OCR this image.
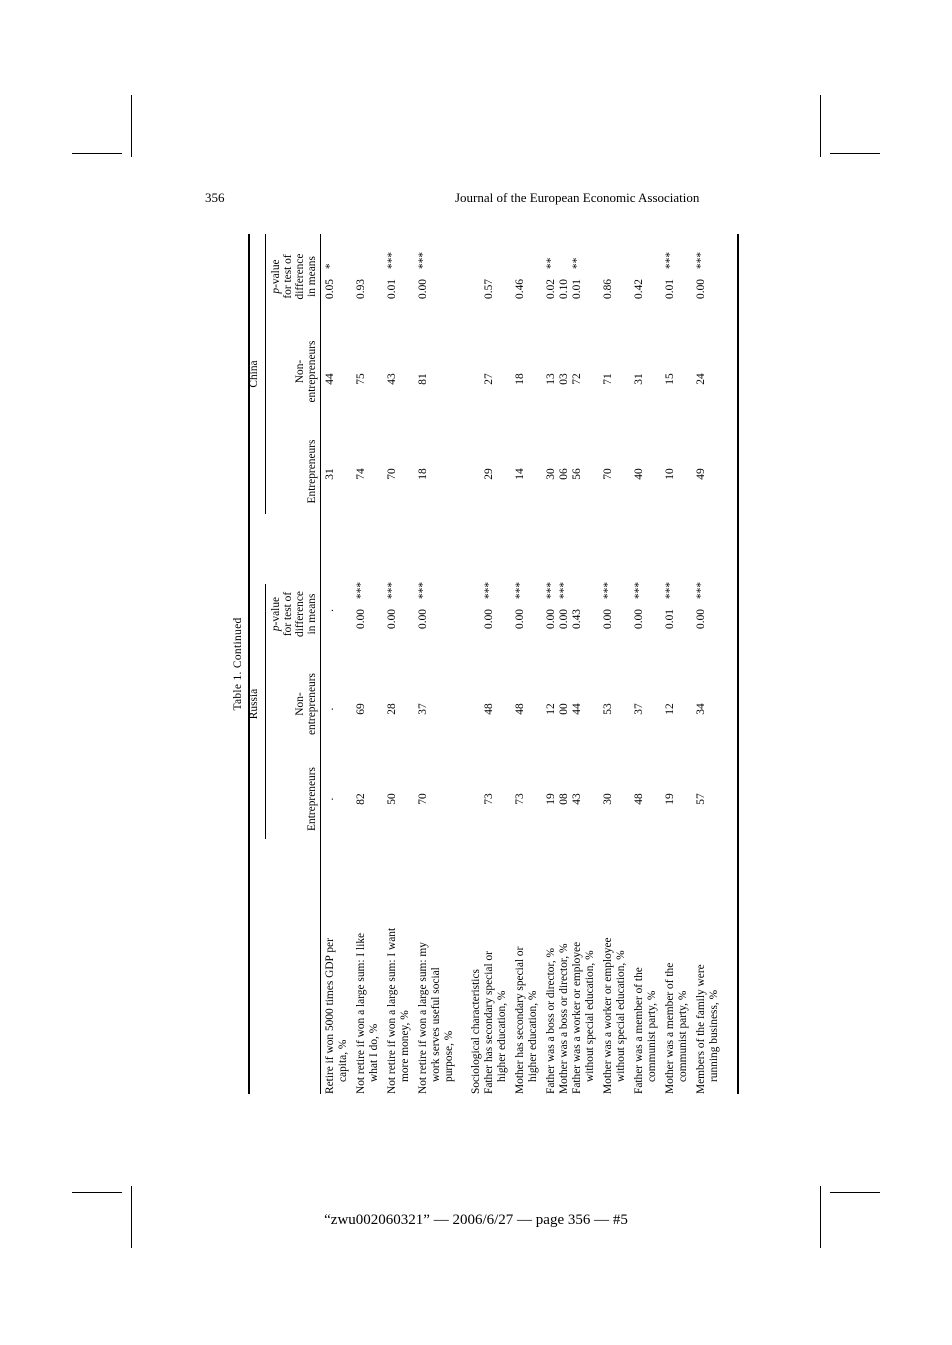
356	Journal of the European Economic Association
Table 1. Continued Russia
China
Entrepreneurs
Non- entrepreneurs
p-value for test of difference in means
Entrepreneurs
Non- entrepreneurs
p-value for test of difference in means
Sociological characteristics
Retire if won 5000 times GDP per capita, %
.
.
.
31
44
0.05
*
Not retire if won a large sum: I like what I do, %
82
69
0.00
***
74
75
0.93
Not retire if won a large sum: I want more money, %
50
28
0.00
***
70
43
0.01
***
Not retire if won a large sum: my work serves useful social purpose, %
70
37
0.00
***
18
81
0.00
***
Father has secondary special or higher education, %
73
48
0.00
***
29
27
0.57
Mother has secondary special or higher education, %
73
48
0.00
***
14
18
0.46
Father was a boss or director, %
19
12
0.00
***
30
13
0.02
**
Mother was a boss or director, %
08
00
0.00
***
06
03
0.10
Father was a worker or employee without special education, %
43
44
0.43
56
72
0.01
**
Mother was a worker or employee without special education, %
30
53
0.00
***
70
71
0.86
Father was a member of the communist party, %
48
37
0.00
***
40
31
0.42
Mother was a member of the communist party, %
19
12
0.01
***
10
15
0.01
***
Members of the family were running business, %
57
34
0.00
***
49
24
0.00
***
“zwu002060321” — 2006/6/27 — page 356 — #5
